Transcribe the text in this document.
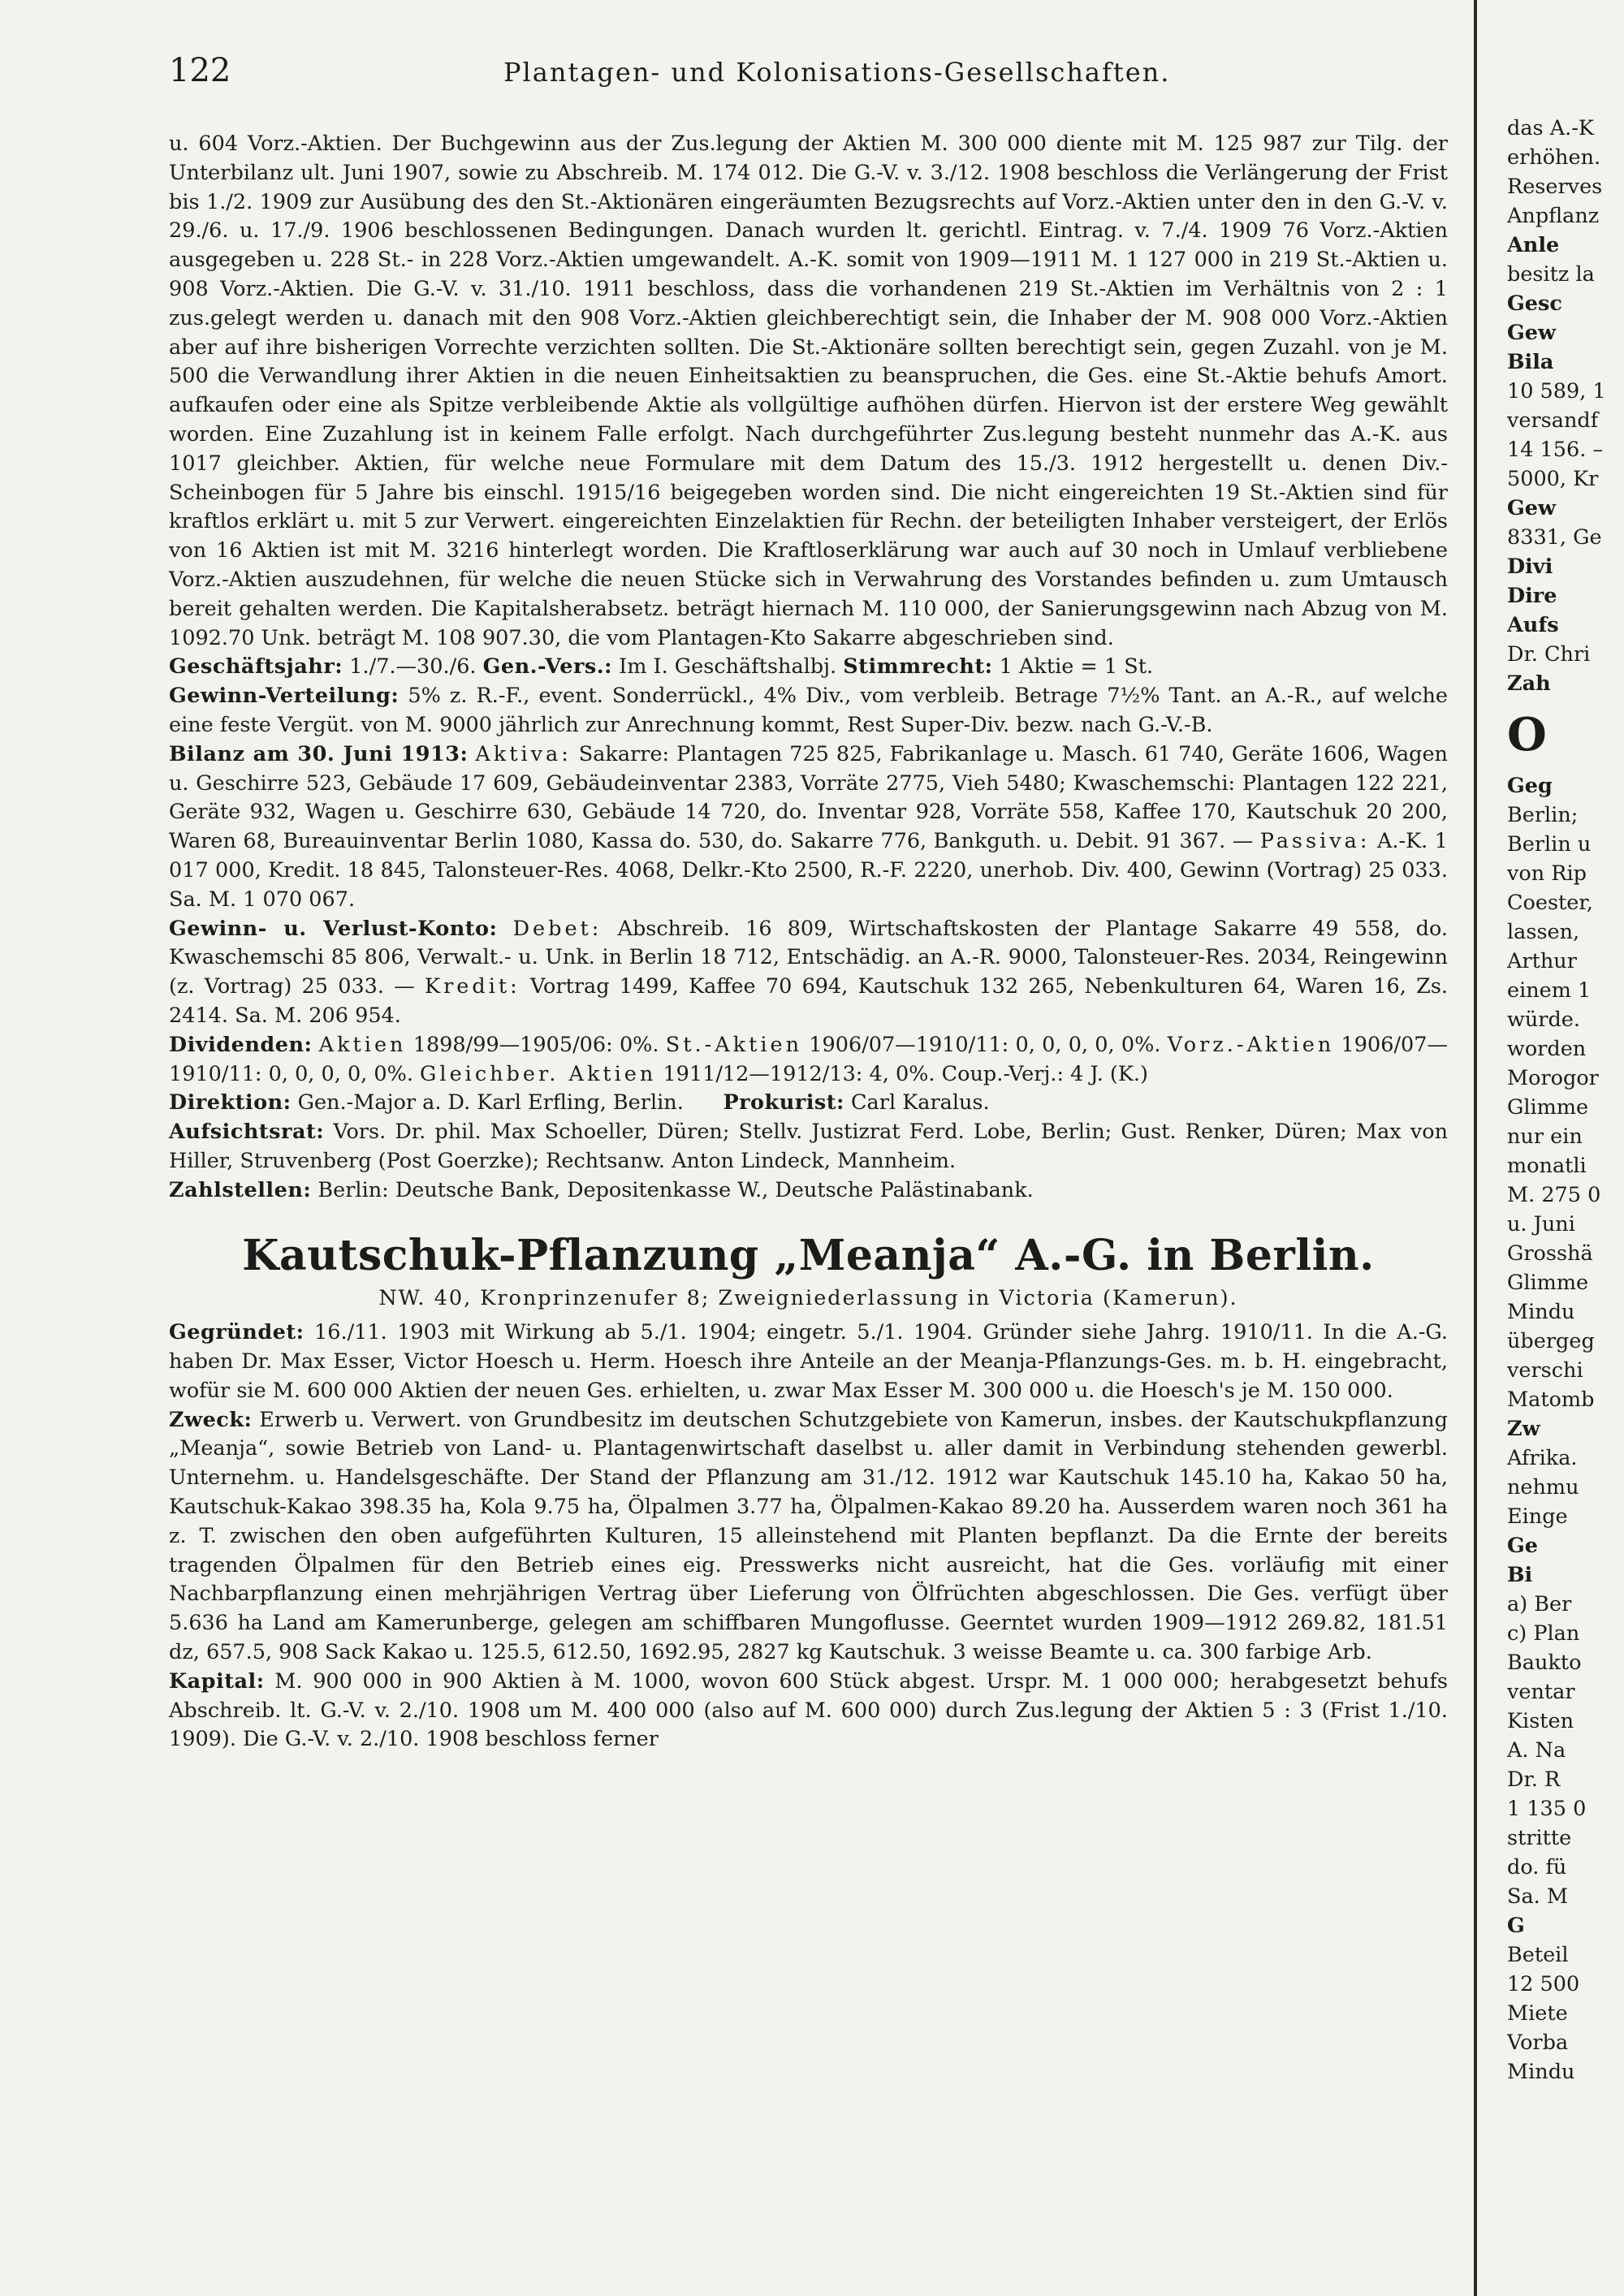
122	Plantagen- und Kolonisations-Gesellschaften.

u. 604 Vorz.-Aktien. Der Buchgewinn aus der Zus.legung der Aktien M. 300 000 diente mit M. 125 987 zur Tilg. der Unterbilanz ult. Juni 1907, sowie zu Abschreib. M. 174 012. Die G.-V. v. 3./12. 1908 beschloss die Verlängerung der Frist bis 1./2. 1909 zur Ausübung des den St.-Aktionären eingeräumten Bezugsrechts auf Vorz.-Aktien unter den in den G.-V. v. 29./6. u. 17./9. 1906 beschlossenen Bedingungen. Danach wurden lt. gerichtl. Eintrag. v. 7./4. 1909 76 Vorz.-Aktien ausgegeben u. 228 St.- in 228 Vorz.-Aktien umgewandelt. A.-K. somit von 1909—1911 M. 1 127 000 in 219 St.-Aktien u. 908 Vorz.-Aktien. Die G.-V. v. 31./10. 1911 beschloss, dass die vorhandenen 219 St.-Aktien im Verhältnis von 2 : 1 zus.gelegt werden u. danach mit den 908 Vorz.-Aktien gleichberechtigt sein, die Inhaber der M. 908 000 Vorz.-Aktien aber auf ihre bisherigen Vorrechte verzichten sollten. Die St.-Aktionäre sollten berechtigt sein, gegen Zuzahl. von je M. 500 die Verwandlung ihrer Aktien in die neuen Einheitsaktien zu beanspruchen, die Ges. eine St.-Aktie behufs Amort. aufkaufen oder eine als Spitze verbleibende Aktie als vollgültige aufhöhen dürfen. Hiervon ist der erstere Weg gewählt worden. Eine Zuzahlung ist in keinem Falle erfolgt. Nach durchgeführter Zus.legung besteht nunmehr das A.-K. aus 1017 gleichber. Aktien, für welche neue Formulare mit dem Datum des 15./3. 1912 hergestellt u. denen Div.-Scheinbogen für 5 Jahre bis einschl. 1915/16 beigegeben worden sind. Die nicht eingereichten 19 St.-Aktien sind für kraftlos erklärt u. mit 5 zur Verwert. eingereichten Einzelaktien für Rechn. der beteiligten Inhaber versteigert, der Erlös von 16 Aktien ist mit M. 3216 hinterlegt worden. Die Kraftloserklärung war auch auf 30 noch in Umlauf verbliebene Vorz.-Aktien auszudehnen, für welche die neuen Stücke sich in Verwahrung des Vorstandes befinden u. zum Umtausch bereit gehalten werden. Die Kapitalsherabsetz. beträgt hiernach M. 110 000, der Sanierungsgewinn nach Abzug von M. 1092.70 Unk. beträgt M. 108 907.30, die vom Plantagen-Kto Sakarre abgeschrieben sind.

Geschäftsjahr: 1./7.—30./6. Gen.-Vers.: Im I. Geschäftshalbj. Stimmrecht: 1 Aktie = 1 St.

Gewinn-Verteilung: 5% z. R.-F., event. Sonderrückl., 4% Div., vom verbleib. Betrage 7½% Tant. an A.-R., auf welche eine feste Vergüt. von M. 9000 jährlich zur Anrechnung kommt, Rest Super-Div. bezw. nach G.-V.-B.

Bilanz am 30. Juni 1913: Aktiva: Sakarre: Plantagen 725 825, Fabrikanlage u. Masch. 61 740, Geräte 1606, Wagen u. Geschirre 523, Gebäude 17 609, Gebäudeinventar 2383, Vorräte 2775, Vieh 5480; Kwaschemschi: Plantagen 122 221, Geräte 932, Wagen u. Geschirre 630, Gebäude 14 720, do. Inventar 928, Vorräte 558, Kaffee 170, Kautschuk 20 200, Waren 68, Bureauinventar Berlin 1080, Kassa do. 530, do. Sakarre 776, Bankguth. u. Debit. 91 367. — Passiva: A.-K. 1 017 000, Kredit. 18 845, Talonsteuer-Res. 4068, Delkr.-Kto 2500, R.-F. 2220, unerhob. Div. 400, Gewinn (Vortrag) 25 033. Sa. M. 1 070 067.

Gewinn- u. Verlust-Konto: Debet: Abschreib. 16 809, Wirtschaftskosten der Plantage Sakarre 49 558, do. Kwaschemschi 85 806, Verwalt.- u. Unk. in Berlin 18 712, Entschädig. an A.-R. 9000, Talonsteuer-Res. 2034, Reingewinn (z. Vortrag) 25 033. — Kredit: Vortrag 1499, Kaffee 70 694, Kautschuk 132 265, Nebenkulturen 64, Waren 16, Zs. 2414. Sa. M. 206 954.

Dividenden: Aktien 1898/99—1905/06: 0%. St.-Aktien 1906/07—1910/11: 0, 0, 0, 0, 0%. Vorz.-Aktien 1906/07—1910/11: 0, 0, 0, 0, 0%. Gleichber. Aktien 1911/12—1912/13: 4, 0%. Coup.-Verj.: 4 J. (K.)

Direktion: Gen.-Major a. D. Karl Erfling, Berlin. Prokurist: Carl Karalus.

Aufsichtsrat: Vors. Dr. phil. Max Schoeller, Düren; Stellv. Justizrat Ferd. Lobe, Berlin; Gust. Renker, Düren; Max von Hiller, Struvenberg (Post Goerzke); Rechtsanw. Anton Lindeck, Mannheim.

Zahlstellen: Berlin: Deutsche Bank, Depositenkasse W., Deutsche Palästinabank.

Kautschuk-Pflanzung „Meanja“ A.-G. in Berlin.
NW. 40, Kronprinzenufer 8; Zweigniederlassung in Victoria (Kamerun).

Gegründet: 16./11. 1903 mit Wirkung ab 5./1. 1904; eingetr. 5./1. 1904. Gründer siehe Jahrg. 1910/11. In die A.-G. haben Dr. Max Esser, Victor Hoesch u. Herm. Hoesch ihre Anteile an der Meanja-Pflanzungs-Ges. m. b. H. eingebracht, wofür sie M. 600 000 Aktien der neuen Ges. erhielten, u. zwar Max Esser M. 300 000 u. die Hoesch's je M. 150 000.

Zweck: Erwerb u. Verwert. von Grundbesitz im deutschen Schutzgebiete von Kamerun, insbes. der Kautschukpflanzung „Meanja“, sowie Betrieb von Land- u. Plantagenwirtschaft daselbst u. aller damit in Verbindung stehenden gewerbl. Unternehm. u. Handelsgeschäfte. Der Stand der Pflanzung am 31./12. 1912 war Kautschuk 145.10 ha, Kakao 50 ha, Kautschuk-Kakao 398.35 ha, Kola 9.75 ha, Ölpalmen 3.77 ha, Ölpalmen-Kakao 89.20 ha. Ausserdem waren noch 361 ha z. T. zwischen den oben aufgeführten Kulturen, 15 alleinstehend mit Planten bepflanzt. Da die Ernte der bereits tragenden Ölpalmen für den Betrieb eines eig. Presswerks nicht ausreicht, hat die Ges. vorläufig mit einer Nachbarpflanzung einen mehrjährigen Vertrag über Lieferung von Ölfrüchten abgeschlossen. Die Ges. verfügt über 5.636 ha Land am Kamerunberge, gelegen am schiffbaren Mungoflusse. Geerntet wurden 1909—1912 269.82, 181.51 dz, 657.5, 908 Sack Kakao u. 125.5, 612.50, 1692.95, 2827 kg Kautschuk. 3 weisse Beamte u. ca. 300 farbige Arb.

Kapital: M. 900 000 in 900 Aktien à M. 1000, wovon 600 Stück abgest. Urspr. M. 1 000 000; herabgesetzt behufs Abschreib. lt. G.-V. v. 2./10. 1908 um M. 400 000 (also auf M. 600 000) durch Zus.legung der Aktien 5 : 3 (Frist 1./10. 1909). Die G.-V. v. 2./10. 1908 beschloss ferner

das A.-K
erhöhen.
Reserves
Anpflanz
Anle
besitz la
Gesc
Gew
Bila
10 589, 1
versandf
14 156. –
5000, Kr
Gew
8331, Ge
Divi
Dire
Aufs
Dr. Chri
Zah
O
Geg
Berlin;
Berlin u
von Rip
Coester,
lassen,
Arthur
einem 1
würde.
worden
Morogor
Glimme
nur ein
monatli
M. 275 0
u. Juni
Grosshä
Glimme
Mindu
übergeg
verschi
Matomb
Zw
Afrika.
nehmu
Einge
Ge
Bi
a) Ber
c) Plan
Baukto
ventar
Kisten
A. Na
Dr. R
1 135 0
stritte
do. fü
Sa. M
G
Beteil
12 500
Miete
Vorba
Mindu
